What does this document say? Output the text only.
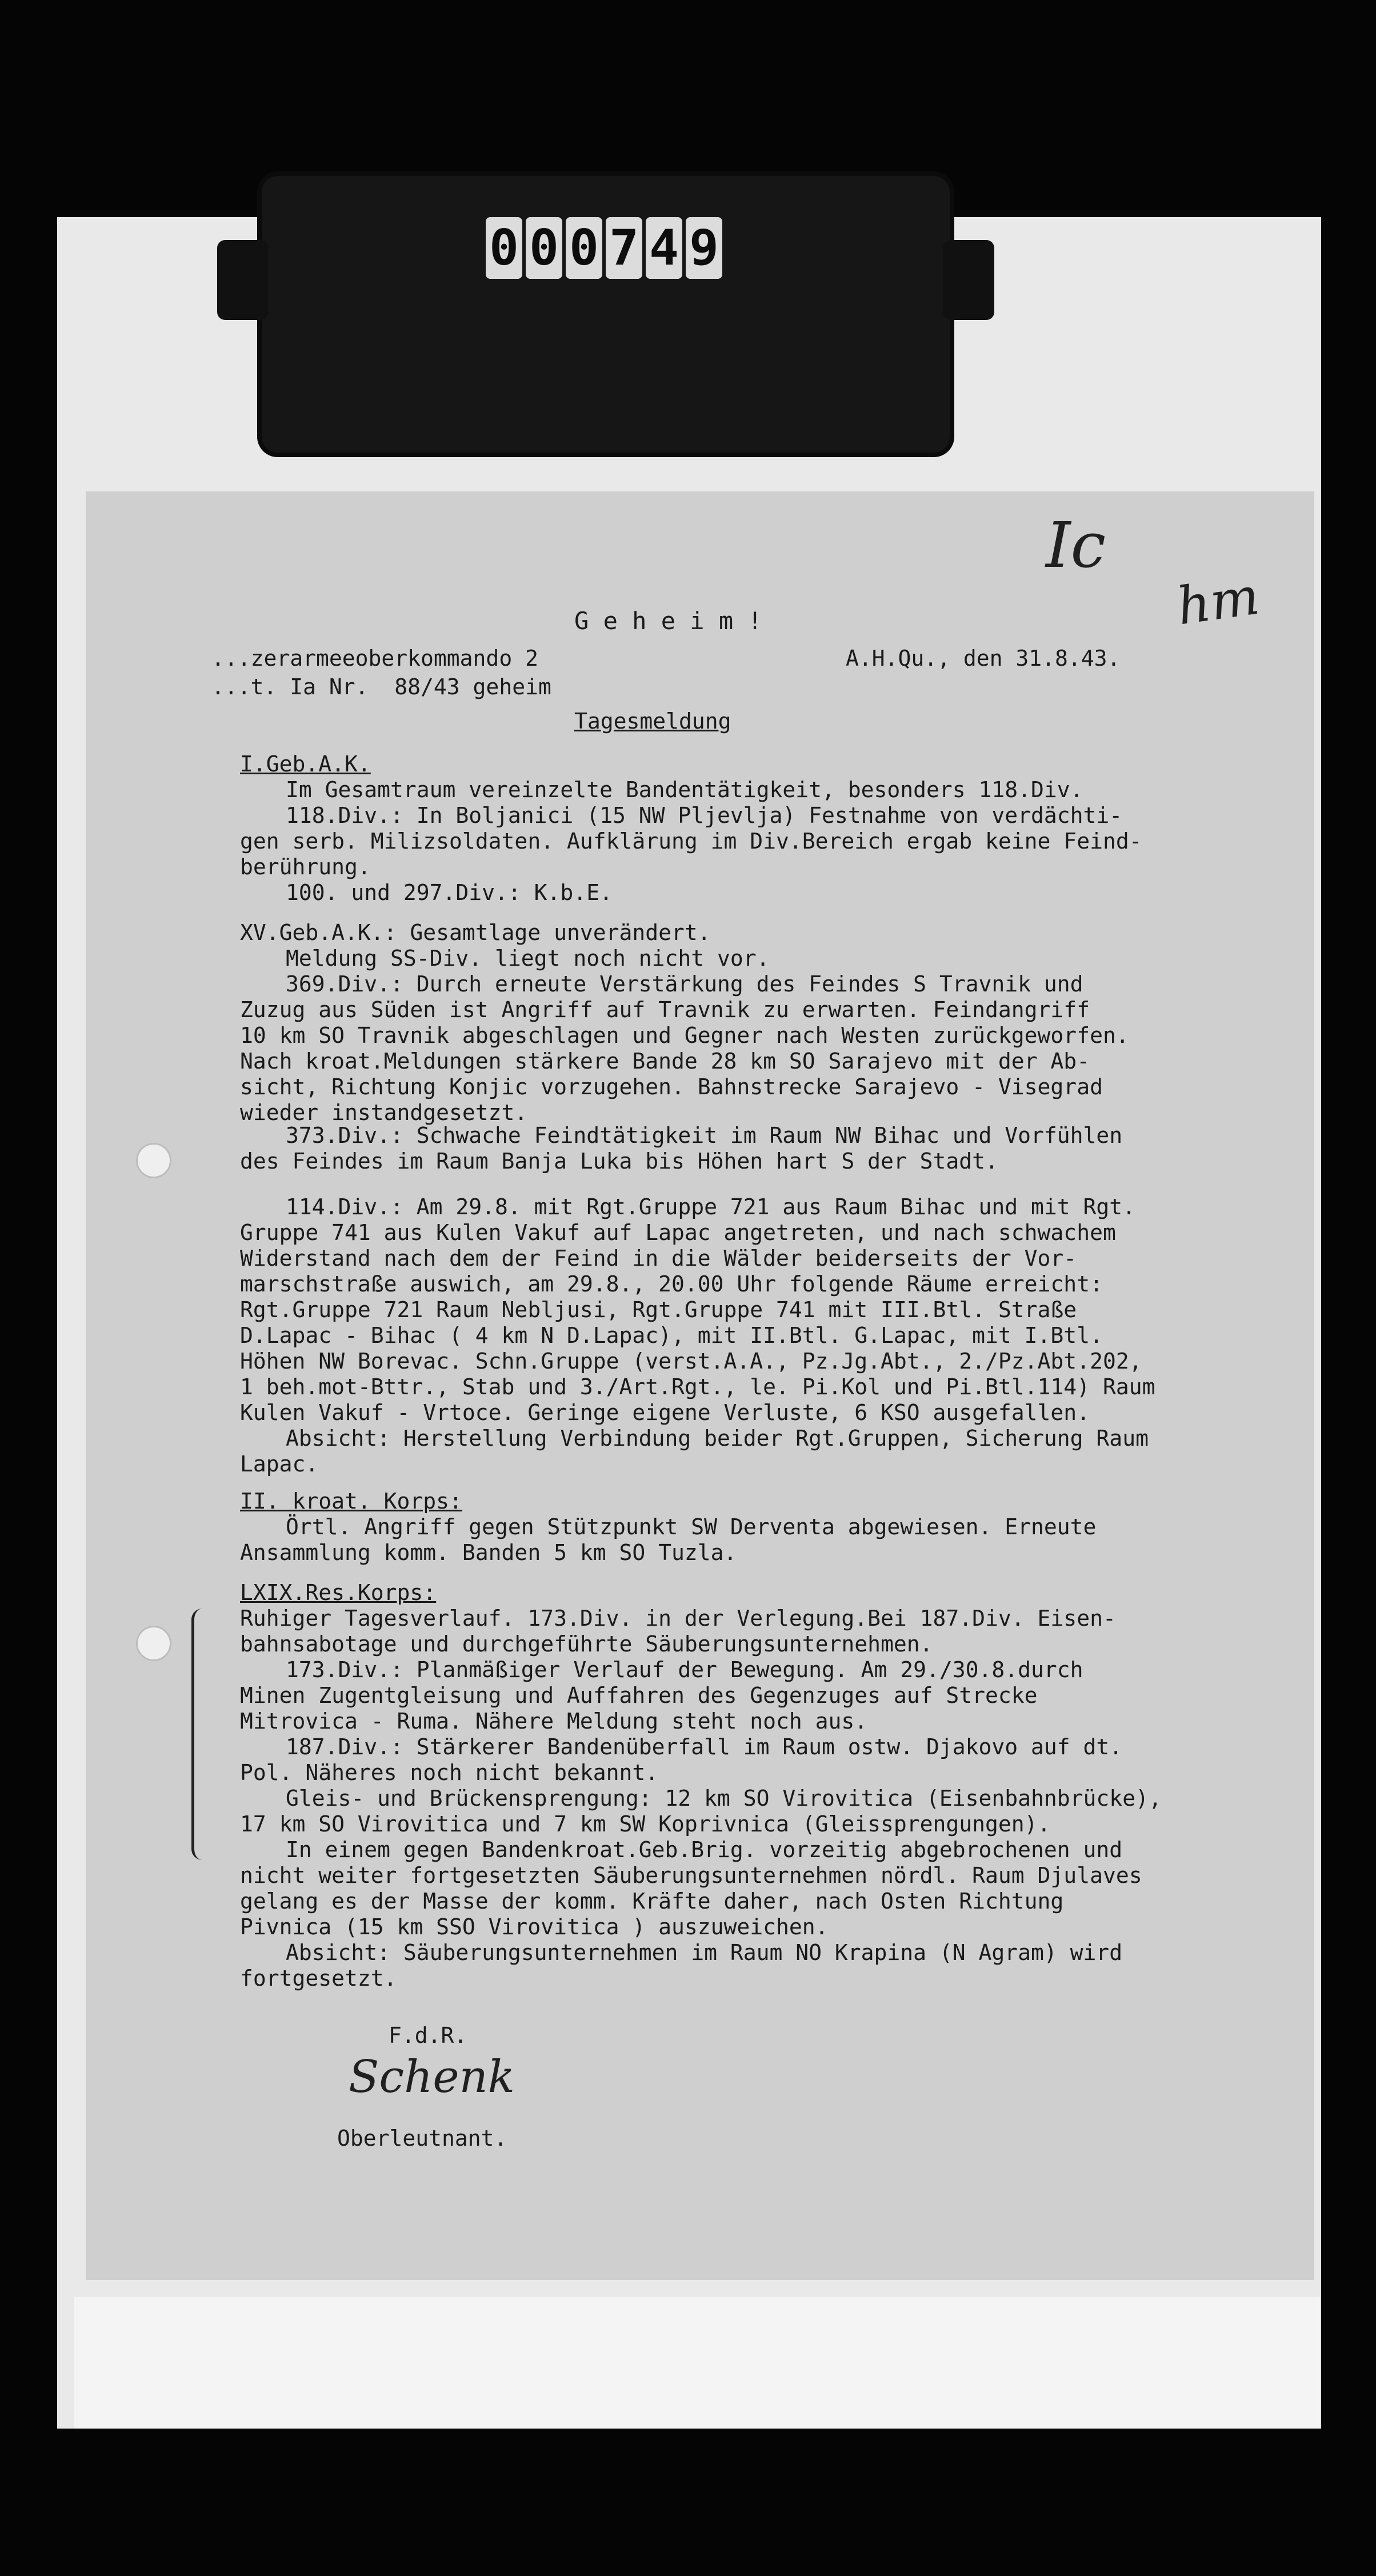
0 0 0 7 4 9
Ic
hm
G e h e i m !
...zerarmeeoberkommando 2
...t. Ia Nr.  88/43 geheim
A.H.Qu., den 31.8.43.
Tagesmeldung
I.Geb.A.K.
Im Gesamtraum vereinzelte Bandentätigkeit, besonders 118.Div.
118.Div.: In Boljanici (15 NW Pljevlja) Festnahme von verdächti-
gen serb. Milizsoldaten. Aufklärung im Div.Bereich ergab keine Feind-
berührung.
100. und 297.Div.: K.b.E.
XV.Geb.A.K.: Gesamtlage unverändert.
Meldung SS-Div. liegt noch nicht vor.
369.Div.: Durch erneute Verstärkung des Feindes S Travnik und
Zuzug aus Süden ist Angriff auf Travnik zu erwarten. Feindangriff
10 km SO Travnik abgeschlagen und Gegner nach Westen zurückgeworfen.
Nach kroat.Meldungen stärkere Bande 28 km SO Sarajevo mit der Ab-
sicht, Richtung Konjic vorzugehen. Bahnstrecke Sarajevo - Visegrad
wieder instandgesetzt.
373.Div.: Schwache Feindtätigkeit im Raum NW Bihac und Vorfühlen
des Feindes im Raum Banja Luka bis Höhen hart S der Stadt.
114.Div.: Am 29.8. mit Rgt.Gruppe 721 aus Raum Bihac und mit Rgt.
Gruppe 741 aus Kulen Vakuf auf Lapac angetreten, und nach schwachem
Widerstand nach dem der Feind in die Wälder beiderseits der Vor-
marschstraße auswich, am 29.8., 20.00 Uhr folgende Räume erreicht:
Rgt.Gruppe 721 Raum Nebljusi, Rgt.Gruppe 741 mit III.Btl. Straße
D.Lapac - Bihac ( 4 km N D.Lapac), mit II.Btl. G.Lapac, mit I.Btl.
Höhen NW Borevac. Schn.Gruppe (verst.A.A., Pz.Jg.Abt., 2./Pz.Abt.202,
1 beh.mot-Bttr., Stab und 3./Art.Rgt., le. Pi.Kol und Pi.Btl.114) Raum
Kulen Vakuf - Vrtoce. Geringe eigene Verluste, 6 KSO ausgefallen.
Absicht: Herstellung Verbindung beider Rgt.Gruppen, Sicherung Raum
Lapac.
II. kroat. Korps:
Örtl. Angriff gegen Stützpunkt SW Derventa abgewiesen. Erneute
Ansammlung komm. Banden 5 km SO Tuzla.
LXIX.Res.Korps:
Ruhiger Tagesverlauf. 173.Div. in der Verlegung.Bei 187.Div. Eisen-
bahnsabotage und durchgeführte Säuberungsunternehmen.
173.Div.: Planmäßiger Verlauf der Bewegung. Am 29./30.8.durch
Minen Zugentgleisung und Auffahren des Gegenzuges auf Strecke
Mitrovica - Ruma. Nähere Meldung steht noch aus.
187.Div.: Stärkerer Bandenüberfall im Raum ostw. Djakovo auf dt.
Pol. Näheres noch nicht bekannt.
Gleis- und Brückensprengung: 12 km SO Virovitica (Eisenbahnbrücke),
17 km SO Virovitica und 7 km SW Koprivnica (Gleissprengungen).
In einem gegen Bandenkroat.Geb.Brig. vorzeitig abgebrochenen und
nicht weiter fortgesetzten Säuberungsunternehmen nördl. Raum Djulaves
gelang es der Masse der komm. Kräfte daher, nach Osten Richtung
Pivnica (15 km SSO Virovitica ) auszuweichen.
Absicht: Säuberungsunternehmen im Raum NO Krapina (N Agram) wird
fortgesetzt.
F.d.R.
Schenk
Oberleutnant.
